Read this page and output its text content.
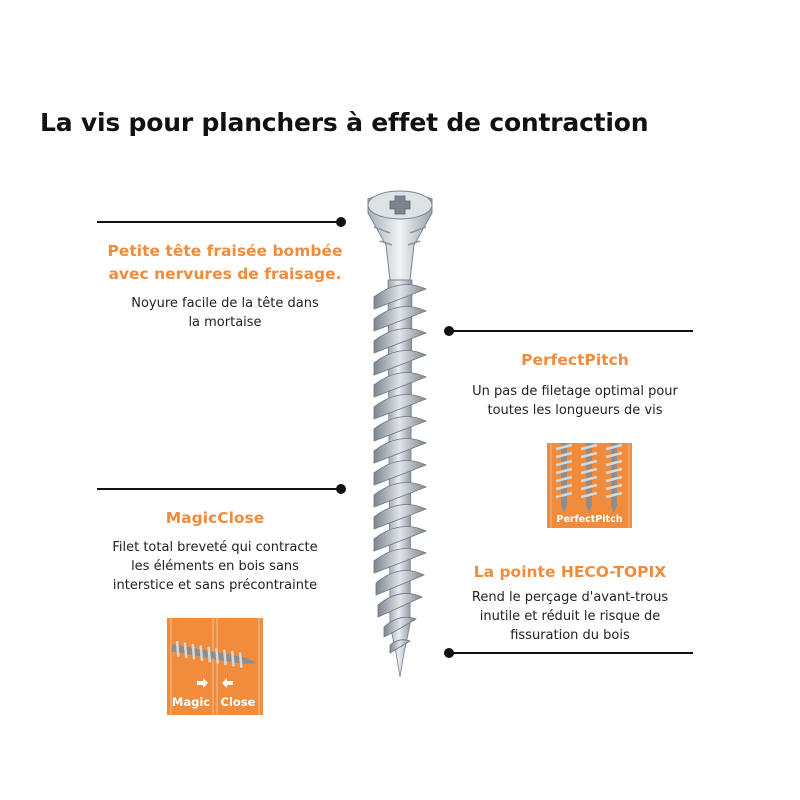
La vis pour planchers à effet de contraction
Petite tête fraisée bombée
avec nervures de fraisage.
Noyure facile de la tête dans
la mortaise
PerfectPitch
Un pas de filetage optimal pour
toutes les longueurs de vis
PerfectPitch
MagicClose
Filet total breveté qui contracte
les éléments en bois sans
interstice et sans précontrainte
Magic Close
La pointe HECO-TOPIX
Rend le perçage d'avant-trous
inutile et réduit le risque de
fissuration du bois
